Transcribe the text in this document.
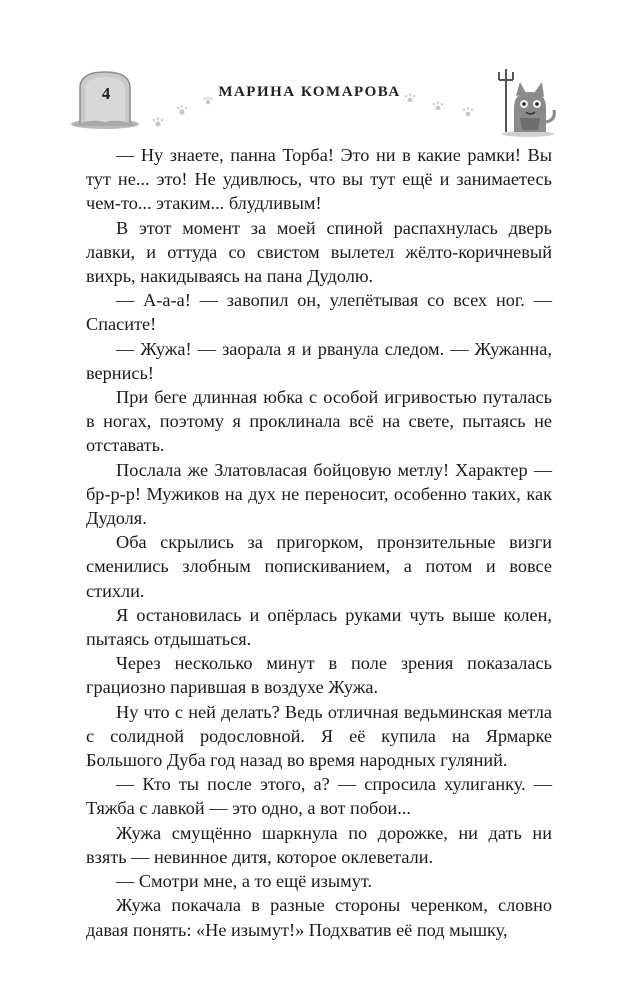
4	МАРИНА КОМАРОВА

— Ну знаете, панна Торба! Это ни в какие рамки! Вы тут не... это! Не удивлюсь, что вы тут ещё и занимаетесь чем-то... этаким... блудливым!

В этот момент за моей спиной распахнулась дверь лавки, и оттуда со свистом вылетел жёлто-коричневый вихрь, накидываясь на пана Дудолю.

— А-а-а! — завопил он, улепётывая со всех ног. — Спасите!

— Жужа! — заорала я и рванула следом. — Жужанна, вернись!

При беге длинная юбка с особой игривостью путалась в ногах, поэтому я проклинала всё на свете, пытаясь не отставать.

Послала же Златовласая бойцовую метлу! Характер — бр-р-р! Мужиков на дух не переносит, особенно таких, как Дудоля.

Оба скрылись за пригорком, пронзительные визги сменились злобным попискиванием, а потом и вовсе стихли.

Я остановилась и опёрлась руками чуть выше колен, пытаясь отдышаться.

Через несколько минут в поле зрения показалась грациозно парившая в воздухе Жужа.

Ну что с ней делать? Ведь отличная ведьминская метла с солидной родословной. Я её купила на Ярмарке Большого Дуба год назад во время народных гуляний.

— Кто ты после этого, а? — спросила хулиганку. — Тяжба с лавкой — это одно, а вот побои...

Жужа смущённо шаркнула по дорожке, ни дать ни взять — невинное дитя, которое оклеветали.

— Смотри мне, а то ещё изымут.

Жужа покачала в разные стороны черенком, словно давая понять: «Не изымут!» Подхватив её под мышку,
